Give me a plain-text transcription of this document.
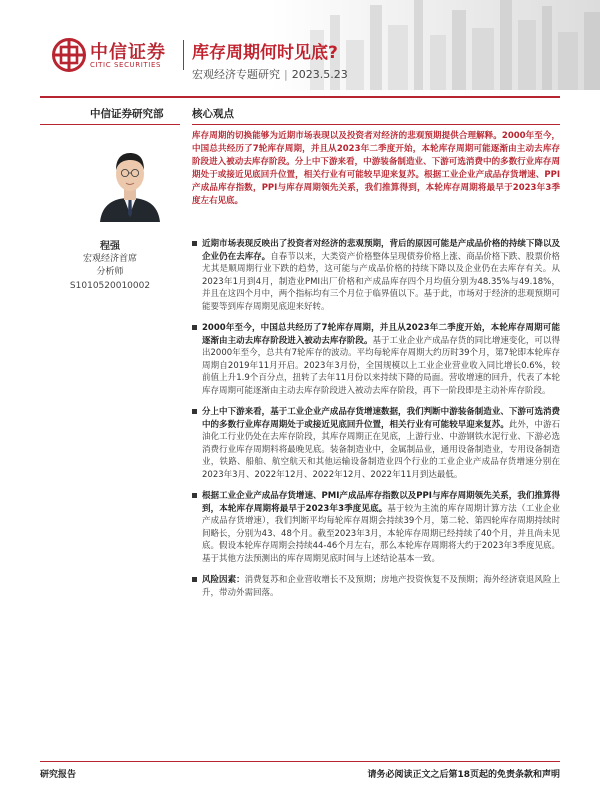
中信证券
CITIC SECURITIES
库存周期何时见底?
宏观经济专题研究 | 2023.5.23
中信证券研究部	核心观点
程强
宏观经济首席
分析师
S1010520010002
库存周期的切换能够为近期市场表现以及投资者对经济的悲观预期提供合理解释。2000年至今，中国总共经历了7轮库存周期，并且从2023年二季度开始，本轮库存周期可能逐渐由主动去库存阶段进入被动去库存阶段。分上中下游来看，中游装备制造业、下游可选消费中的多数行业库存周期处于或接近见底回升位置，相关行业有可能较早迎来复苏。根据工业企业产成品存货增速、PPI产成品库存指数，PPI与库存周期领先关系，我们推算得到，本轮库存周期将最早于2023年3季度左右见底。
近期市场表现反映出了投资者对经济的悲观预期，背后的原因可能是产成品价格的持续下降以及企业仍在去库存。自春节以来，大类资产价格整体呈现债券价格上涨、商品价格下跌、股票价格尤其是顺周期行业下跌的趋势，这可能与产成品价格的持续下降以及企业仍在去库存有关。从2023年1月到4月，制造业PMI出厂价格和产成品库存四个月均值分别为48.35%与49.18%，并且在这四个月中，两个指标均有三个月位于临界值以下。基于此，市场对于经济的悲观预期可能要等到库存周期见底迎来好转。
2000年至今，中国总共经历了7轮库存周期，并且从2023年二季度开始，本轮库存周期可能逐渐由主动去库存阶段进入被动去库存阶段。基于工业企业产成品存货的同比增速变化，可以得出2000年至今，总共有7轮库存的波动。平均每轮库存周期大约历时39个月，第7轮即本轮库存周期自2019年11月开启。2023年3月份，全国规模以上工业企业营业收入同比增长0.6%，较前值上升1.9个百分点，扭转了去年11月份以来持续下降的局面。营收增速的回升，代表了本轮库存周期可能逐渐由主动去库存阶段进入被动去库存阶段，再下一阶段即是主动补库存阶段。
分上中下游来看，基于工业企业产成品存货增速数据，我们判断中游装备制造业、下游可选消费中的多数行业库存周期处于或接近见底回升位置，相关行业有可能较早迎来复苏。此外，中游石油化工行业仍处在去库存阶段，其库存周期正在见底，上游行业、中游钢铁水泥行业、下游必选消费行业库存周期料将最晚见底。装备制造业中，金属制品业，通用设备制造业，专用设备制造业，铁路、船舶、航空航天和其他运输设备制造业四个行业的工业企业产成品存货增速分别在2023年3月、2022年12月、2022年12月、2022年11月到达最低。
根据工业企业产成品存货增速、PMI产成品库存指数以及PPI与库存周期领先关系，我们推算得到，本轮库存周期将最早于2023年3季度见底。基于较为主流的库存周期计算方法（工业企业产成品存货增速），我们判断平均每轮库存周期会持续39个月，第二轮、第四轮库存周期持续时间略长，分别为43、48个月。截至2023年3月，本轮库存周期已经持续了40个月，并且尚未见底。假设本轮库存周期会持续44-46个月左右，那么本轮库存周期将大约于2023年3季度见底。基于其他方法预测出的库存周期见底时间与上述结论基本一致。
风险因素：消费复苏和企业营收增长不及预期；房地产投资恢复不及预期；海外经济衰退风险上升，带动外需回落。
研究报告	请务必阅读正文之后第18页起的免责条款和声明
